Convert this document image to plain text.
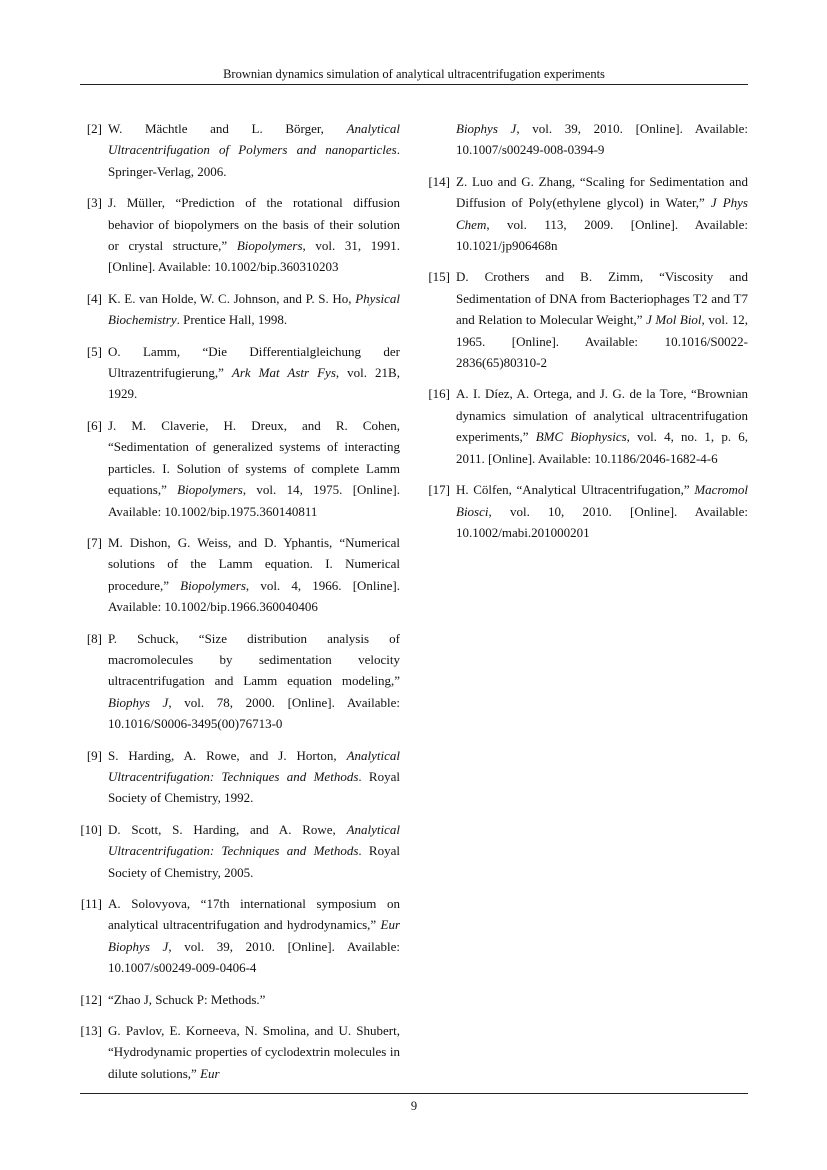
Brownian dynamics simulation of analytical ultracentrifugation experiments
[2] W. Mächtle and L. Börger, Analytical Ultracentrifugation of Polymers and nanoparticles. Springer-Verlag, 2006.
[3] J. Müller, “Prediction of the rotational diffusion behavior of biopolymers on the basis of their solution or crystal structure,” Biopolymers, vol. 31, 1991. [Online]. Available: 10.1002/bip.360310203
[4] K. E. van Holde, W. C. Johnson, and P. S. Ho, Physical Biochemistry. Prentice Hall, 1998.
[5] O. Lamm, “Die Differentialgleichung der Ultrazentrifugierung,” Ark Mat Astr Fys, vol. 21B, 1929.
[6] J. M. Claverie, H. Dreux, and R. Cohen, “Sedimentation of generalized systems of interacting particles. I. Solution of systems of complete Lamm equations,” Biopolymers, vol. 14, 1975. [Online]. Available: 10.1002/bip.1975.360140811
[7] M. Dishon, G. Weiss, and D. Yphantis, “Numerical solutions of the Lamm equation. I. Numerical procedure,” Biopolymers, vol. 4, 1966. [Online]. Available: 10.1002/bip.1966.360040406
[8] P. Schuck, “Size distribution analysis of macromolecules by sedimentation velocity ultracentrifugation and Lamm equation modeling,” Biophys J, vol. 78, 2000. [Online]. Available: 10.1016/S0006-3495(00)76713-0
[9] S. Harding, A. Rowe, and J. Horton, Analytical Ultracentrifugation: Techniques and Methods. Royal Society of Chemistry, 1992.
[10] D. Scott, S. Harding, and A. Rowe, Analytical Ultracentrifugation: Techniques and Methods. Royal Society of Chemistry, 2005.
[11] A. Solovyova, “17th international symposium on analytical ultracentrifugation and hydrodynamics,” Eur Biophys J, vol. 39, 2010. [Online]. Available: 10.1007/s00249-009-0406-4
[12] “Zhao J, Schuck P: Methods.”
[13] G. Pavlov, E. Korneeva, N. Smolina, and U. Shubert, “Hydrodynamic properties of cyclodextrin molecules in dilute solutions,” Eur
Biophys J, vol. 39, 2010. [Online]. Available: 10.1007/s00249-008-0394-9
[14] Z. Luo and G. Zhang, “Scaling for Sedimentation and Diffusion of Poly(ethylene glycol) in Water,” J Phys Chem, vol. 113, 2009. [Online]. Available: 10.1021/jp906468n
[15] D. Crothers and B. Zimm, “Viscosity and Sedimentation of DNA from Bacteriophages T2 and T7 and Relation to Molecular Weight,” J Mol Biol, vol. 12, 1965. [Online]. Available: 10.1016/S0022-2836(65)80310-2
[16] A. I. Díez, A. Ortega, and J. G. de la Tore, “Brownian dynamics simulation of analytical ultracentrifugation experiments,” BMC Biophysics, vol. 4, no. 1, p. 6, 2011. [Online]. Available: 10.1186/2046-1682-4-6
[17] H. Cölfen, “Analytical Ultracentrifugation,” Macromol Biosci, vol. 10, 2010. [Online]. Available: 10.1002/mabi.201000201
9
